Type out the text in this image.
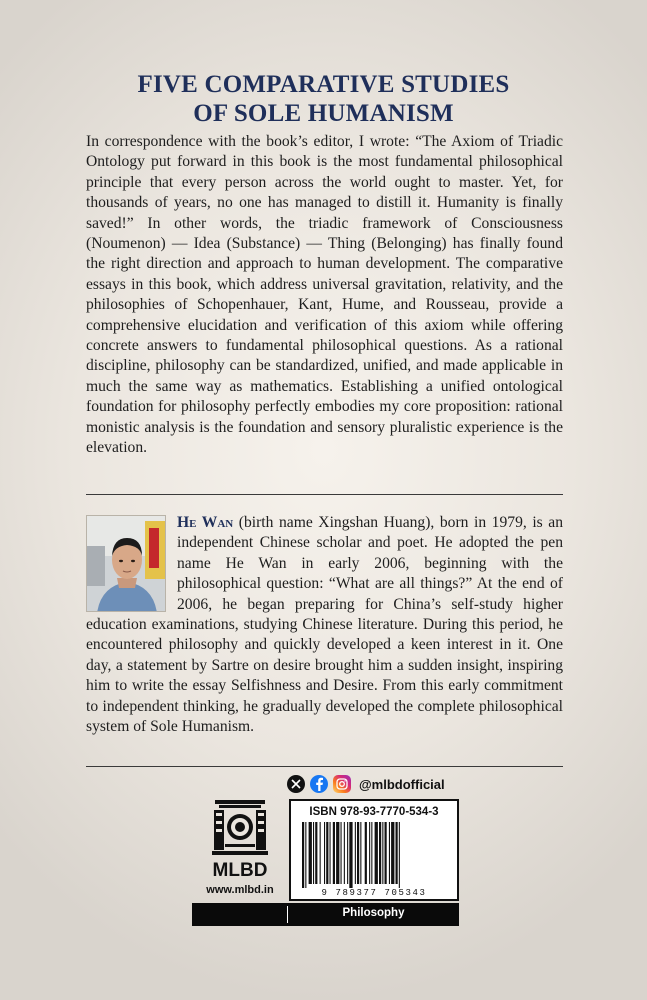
FIVE COMPARATIVE STUDIES
OF SOLE HUMANISM

In correspondence with the book’s editor, I wrote: “The Axiom of Triadic Ontology put forward in this book is the most fundamental philosophical principle that every person across the world ought to master. Yet, for thousands of years, no one has managed to distill it. Humanity is finally saved!” In other words, the triadic framework of Consciousness (Noumenon) — Idea (Substance) — Thing (Belonging) has finally found the right direction and approach to human development. The comparative essays in this book, which address universal gravitation, relativity, and the philosophies of Schopenhauer, Kant, Hume, and Rousseau, provide a comprehensive elucidation and verification of this axiom while offering concrete answers to fundamental philosophical questions. As a rational discipline, philosophy can be standardized, unified, and made applicable in much the same way as mathematics. Establishing a unified ontological foundation for philosophy perfectly embodies my core proposition: rational monistic analysis is the foundation and sensory pluralistic experience is the elevation.

He Wan (birth name Xingshan Huang), born in 1979, is an independent Chinese scholar and poet. He adopted the pen name He Wan in early 2006, beginning with the philosophical question: “What are all things?” At the end of 2006, he began preparing for China’s self-study higher education examinations, studying Chinese literature. During this period, he encountered philosophy and quickly developed a keen interest in it. One day, a statement by Sartre on desire brought him a sudden insight, inspiring him to write the essay Selfishness and Desire. From this early commitment to independent thinking, he gradually developed the complete philosophical system of Sole Humanism.

@mlbdofficial
MLBD
www.mlbd.in
ISBN 978-93-7770-534-3
9 789377 705343
Philosophy
